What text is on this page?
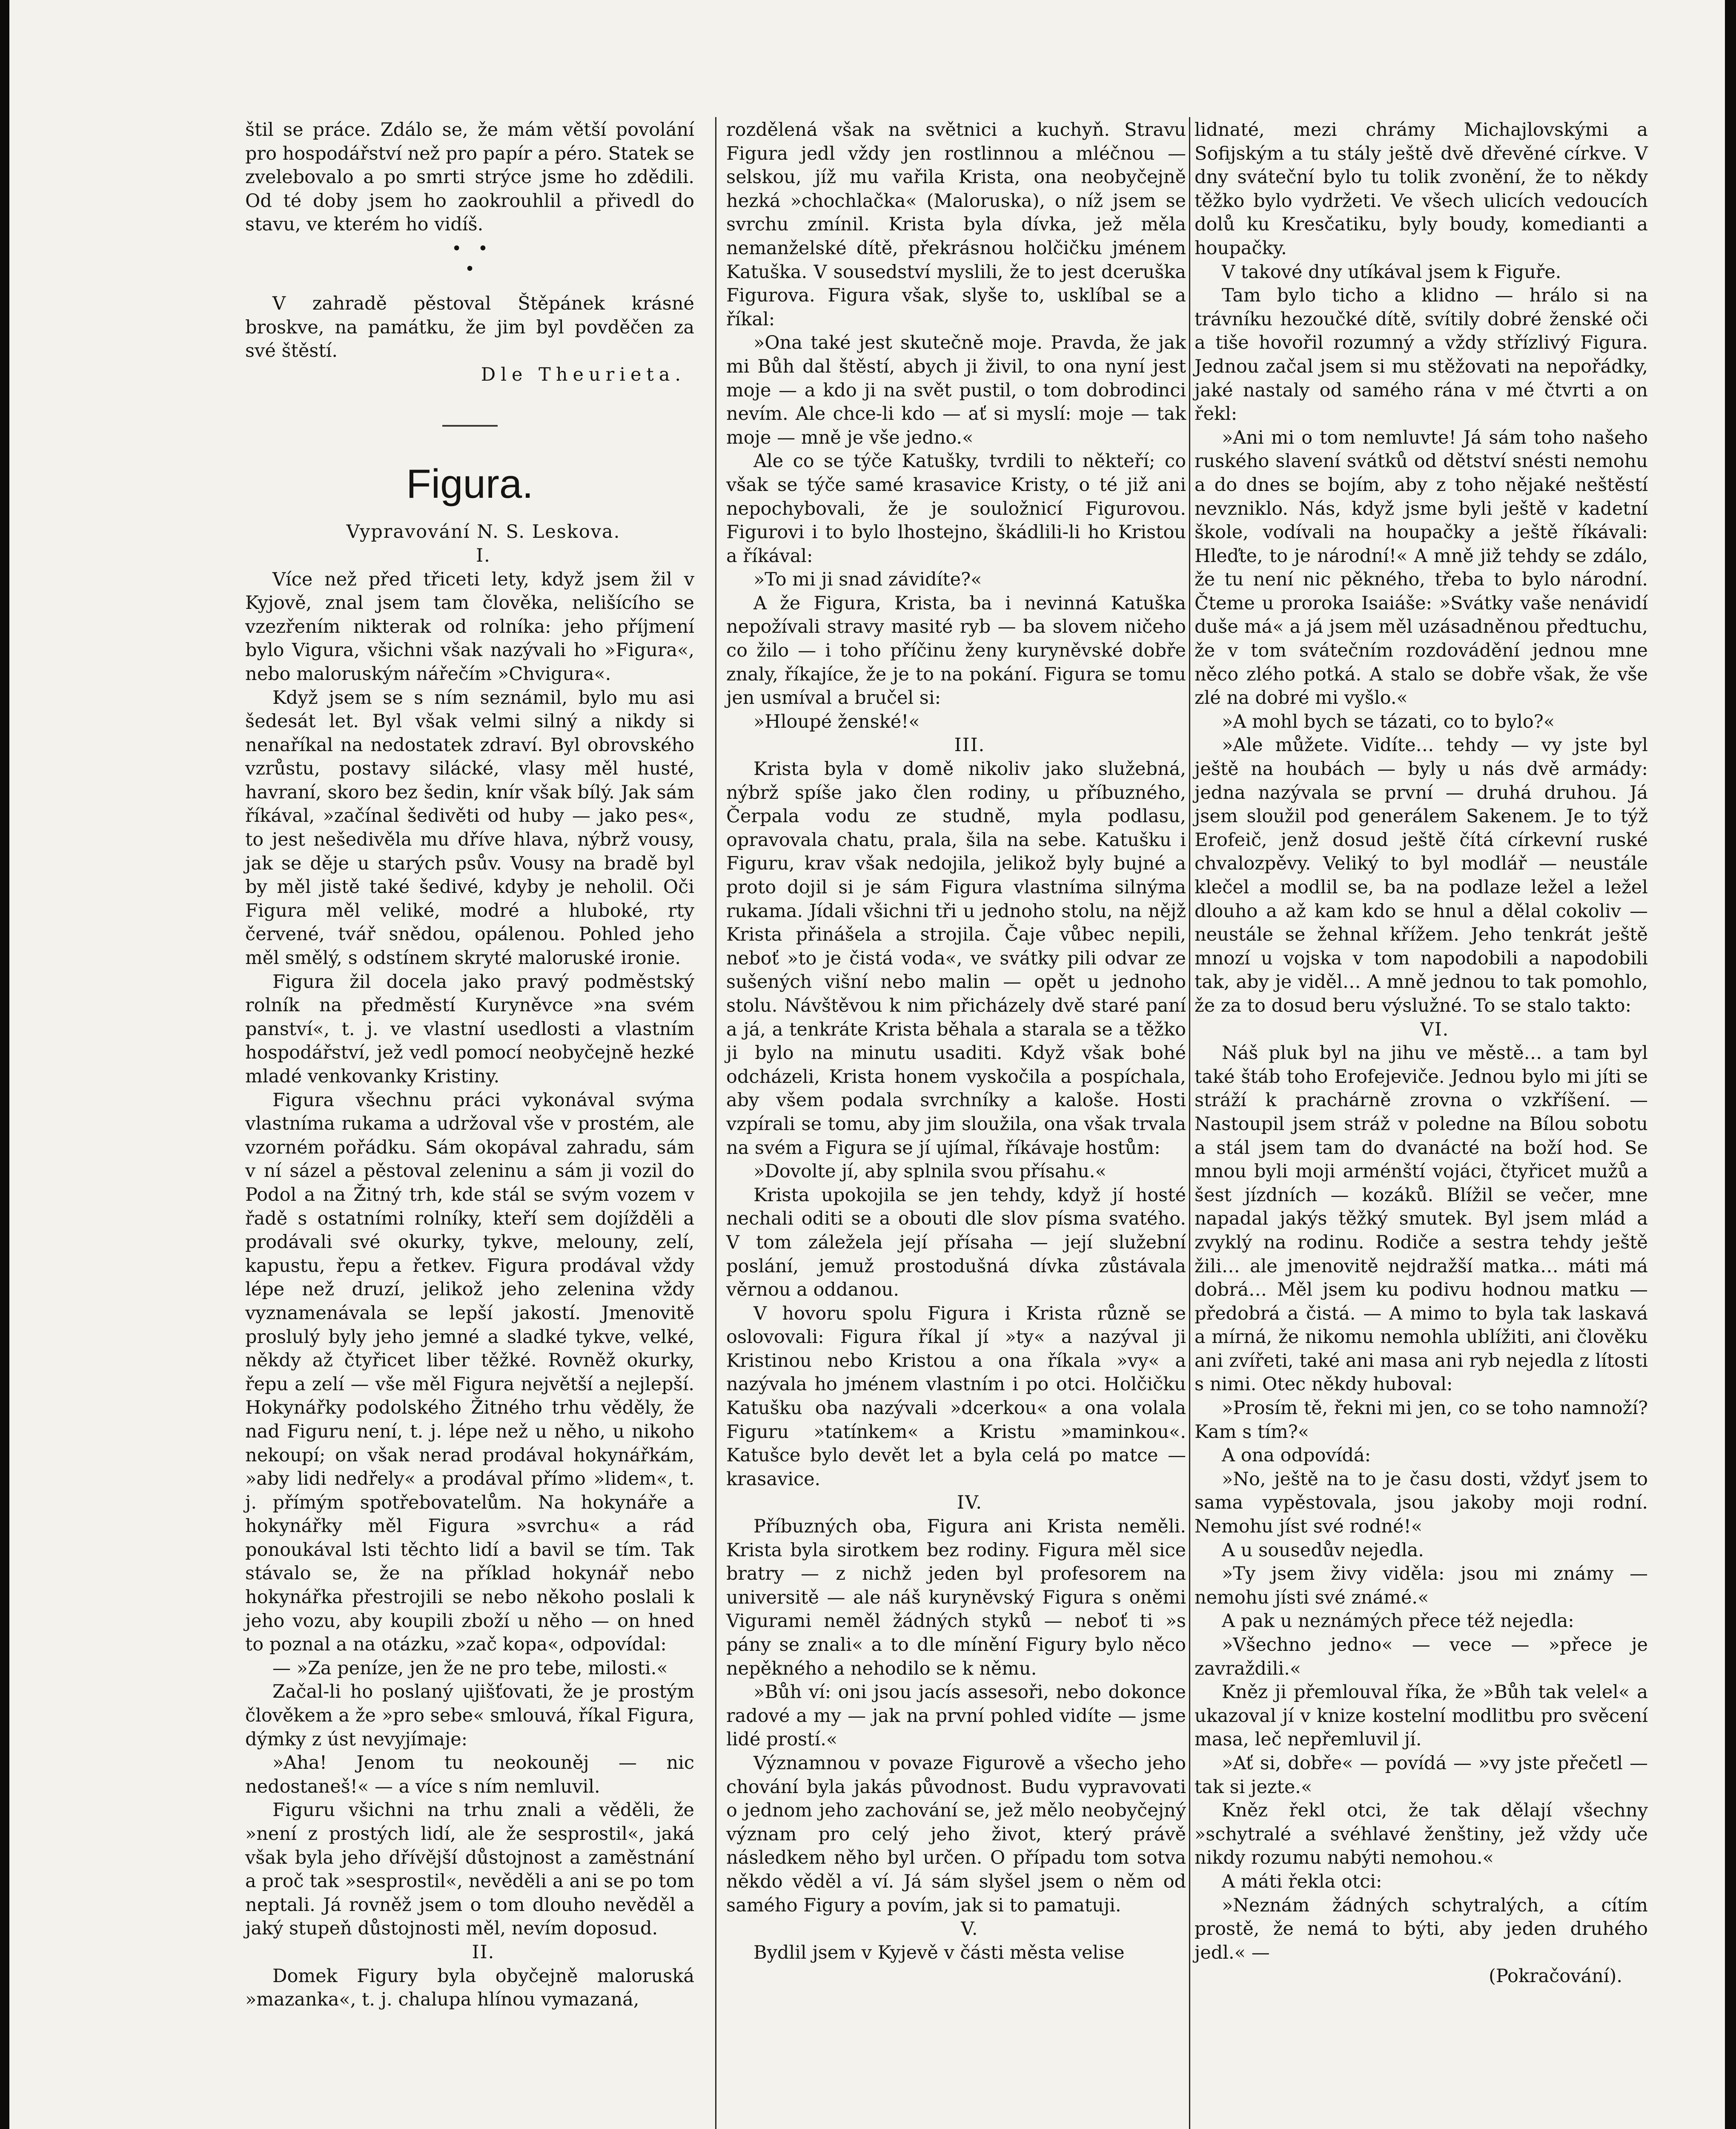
štil se práce. Zdálo se, že mám větší povolání pro hospodářství než pro papír a péro. Statek se zvelebovalo a po smrti strýce jsme ho zdědili. Od té doby jsem ho zaokrouhlil a přivedl do stavu, ve kterém ho vidíš.

•   •
•

V zahradě pěstoval Štěpánek krásné broskve, na památku, že jim byl povděčen za své štěstí.

Dle Theurieta.

Figura.

Vypravování N. S. Leskova.

I.

Více než před třiceti lety, když jsem žil v Kyjově, znal jsem tam člověka, nelišícího se vzezřením nikterak od rolníka: jeho příjmení bylo Vigura, všichni však nazývali ho »Figura«, nebo maloruským nářečím »Chvigura«.

Když jsem se s ním seznámil, bylo mu asi šedesát let. Byl však velmi silný a nikdy si nenaříkal na nedostatek zdraví. Byl obrovského vzrůstu, postavy silácké, vlasy měl husté, havraní, skoro bez šedin, knír však bílý. Jak sám říkával, »začínal šedivěti od huby — jako pes«, to jest nešedivěla mu dříve hlava, nýbrž vousy, jak se děje u starých psův. Vousy na bradě byl by měl jistě také šedivé, kdyby je neholil. Oči Figura měl veliké, modré a hluboké, rty červené, tvář snědou, opálenou. Pohled jeho měl smělý, s odstínem skryté maloruské ironie.

Figura žil docela jako pravý podměstský rolník na předměstí Kuryněvce »na svém panství«, t. j. ve vlastní usedlosti a vlastním hospodářství, jež vedl pomocí neobyčejně hezké mladé venkovanky Kristiny.

Figura všechnu práci vykonával svýma vlastníma rukama a udržoval vše v prostém, ale vzorném pořádku. Sám okopával zahradu, sám v ní sázel a pěstoval zeleninu a sám ji vozil do Podol a na Žitný trh, kde stál se svým vozem v řadě s ostatními rolníky, kteří sem dojížděli a prodávali své okurky, tykve, melouny, zelí, kapustu, řepu a řetkev. Figura prodával vždy lépe než druzí, jelikož jeho zelenina vždy vyznamenávala se lepší jakostí. Jmenovitě proslulý byly jeho jemné a sladké tykve, velké, někdy až čtyřicet liber těžké. Rovněž okurky, řepu a zelí — vše měl Figura největší a nejlepší. Hokynářky podolského Žitného trhu věděly, že nad Figuru není, t. j. lépe než u něho, u nikoho nekoupí; on však nerad prodával hokynářkám, »aby lidi nedřely« a prodával přímo »lidem«, t. j. přímým spotřebovatelům. Na hokynáře a hokynářky měl Figura »svrchu« a rád ponoukával lsti těchto lidí a bavil se tím. Tak stávalo se, že na příklad hokynář nebo hokynářka přestrojili se nebo někoho poslali k jeho vozu, aby koupili zboží u něho — on hned to poznal a na otázku, »zač kopa«, odpovídal:

— »Za peníze, jen že ne pro tebe, milosti.«

Začal-li ho poslaný ujišťovati, že je prostým člověkem a že »pro sebe« smlouvá, říkal Figura, dýmky z úst nevyjímaje:

»Aha! Jenom tu neokouněj — nic nedostaneš!« — a více s ním nemluvil.

Figuru všichni na trhu znali a věděli, že »není z prostých lidí, ale že sesprostil«, jaká však byla jeho dřívější důstojnost a zaměstnání a proč tak »sesprostil«, nevěděli a ani se po tom neptali. Já rovněž jsem o tom dlouho nevěděl a jaký stupeň důstojnosti měl, nevím doposud.

II.

Domek Figury byla obyčejně maloruská »mazanka«, t. j. chalupa hlínou vymazaná,

rozdělená však na světnici a kuchyň. Stravu Figura jedl vždy jen rostlinnou a mléčnou — selskou, jíž mu vařila Krista, ona neobyčejně hezká »chochlačka« (Maloruska), o níž jsem se svrchu zmínil. Krista byla dívka, jež měla nemanželské dítě, překrásnou holčičku jménem Katuška. V sousedství myslili, že to jest dceruška Figurova. Figura však, slyše to, usklíbal se a říkal:

»Ona také jest skutečně moje. Pravda, že jak mi Bůh dal štěstí, abych ji živil, to ona nyní jest moje — a kdo ji na svět pustil, o tom dobrodinci nevím. Ale chce-li kdo — ať si myslí: moje — tak moje — mně je vše jedno.«

Ale co se týče Katušky, tvrdili to někteří; co však se týče samé krasavice Kristy, o té již ani nepochybovali, že je souložnicí Figurovou. Figurovi i to bylo lhostejno, škádlili-li ho Kristou a říkával:

»To mi ji snad závidíte?«

A že Figura, Krista, ba i nevinná Katuška nepožívali stravy masité ryb — ba slovem ničeho co žilo — i toho příčinu ženy kuryněvské dobře znaly, říkajíce, že je to na pokání. Figura se tomu jen usmíval a bručel si:

»Hloupé ženské!«

III.

Krista byla v domě nikoliv jako služebná, nýbrž spíše jako člen rodiny, u příbuzného, Čerpala vodu ze studně, myla podlasu, opravovala chatu, prala, šila na sebe. Katušku i Figuru, krav však nedojila, jelikož byly bujné a proto dojil si je sám Figura vlastníma silnýma rukama. Jídali všichni tři u jednoho stolu, na nějž Krista přinášela a strojila. Čaje vůbec nepili, neboť »to je čistá voda«, ve svátky pili odvar ze sušených višní nebo malin — opět u jednoho stolu. Návštěvou k nim přicházely dvě staré paní a já, a tenkráte Krista běhala a starala se a těžko ji bylo na minutu usaditi. Když však bohé odcházeli, Krista honem vyskočila a pospíchala, aby všem podala svrchníky a kaloše. Hosti vzpírali se tomu, aby jim sloužila, ona však trvala na svém a Figura se jí ujímal, říkávaje hostům:

»Dovolte jí, aby splnila svou přísahu.«

Krista upokojila se jen tehdy, když jí hosté nechali oditi se a obouti dle slov písma svatého. V tom záležela její přísaha — její služební poslání, jemuž prostodušná dívka zůstávala věrnou a oddanou.

V hovoru spolu Figura i Krista různě se oslovovali: Figura říkal jí »ty« a nazýval ji Kristinou nebo Kristou a ona říkala »vy« a nazývala ho jménem vlastním i po otci. Holčičku Katušku oba nazývali »dcerkou« a ona volala Figuru »tatínkem« a Kristu »maminkou«. Katušce bylo devět let a byla celá po matce — krasavice.

IV.

Příbuzných oba, Figura ani Krista neměli. Krista byla sirotkem bez rodiny. Figura měl sice bratry — z nichž jeden byl profesorem na universitě — ale náš kuryněvský Figura s oněmi Vigurami neměl žádných styků — neboť ti »s pány se znali« a to dle mínění Figury bylo něco nepěkného a nehodilo se k němu.

»Bůh ví: oni jsou jacís assesoři, nebo dokonce radové a my — jak na první pohled vidíte — jsme lidé prostí.«

Významnou v povaze Figurově a všecho jeho chování byla jakás původnost. Budu vypravovati o jednom jeho zachování se, jež mělo neobyčejný význam pro celý jeho život, který právě následkem něho byl určen. O případu tom sotva někdo věděl a ví. Já sám slyšel jsem o něm od samého Figury a povím, jak si to pamatuji.

V.

Bydlil jsem v Kyjevě v části města velise

lidnaté, mezi chrámy Michajlovskými a Sofijským a tu stály ještě dvě dřevěné církve. V dny sváteční bylo tu tolik zvonění, že to někdy těžko bylo vydržeti. Ve všech ulicích vedoucích dolů ku Kresčatiku, byly boudy, komedianti a houpačky.

V takové dny utíkával jsem k Figuře.

Tam bylo ticho a klidno — hrálo si na trávníku hezoučké dítě, svítily dobré ženské oči a tiše hovořil rozumný a vždy střízlivý Figura. Jednou začal jsem si mu stěžovati na nepořádky, jaké nastaly od samého rána v mé čtvrti a on řekl:

»Ani mi o tom nemluvte! Já sám toho našeho ruského slavení svátků od dětství snésti nemohu a do dnes se bojím, aby z toho nějaké neštěstí nevzniklo. Nás, když jsme byli ještě v kadetní škole, vodívali na houpačky a ještě říkávali: Hleďte, to je národní!« A mně již tehdy se zdálo, že tu není nic pěkného, třeba to bylo národní. Čteme u proroka Isaiáše: »Svátky vaše nenávidí duše má« a já jsem měl uzásadněnou předtuchu, že v tom svátečním rozdovádění jednou mne něco zlého potká. A stalo se dobře však, že vše zlé na dobré mi vyšlo.«

»A mohl bych se tázati, co to bylo?«

»Ale můžete. Vidíte… tehdy — vy jste byl ještě na houbách — byly u nás dvě armády: jedna nazývala se první — druhá druhou. Já jsem sloužil pod generálem Sakenem. Je to týž Erofeič, jenž dosud ještě čítá církevní ruské chvalozpěvy. Veliký to byl modlář — neustále klečel a modlil se, ba na podlaze ležel a ležel dlouho a až kam kdo se hnul a dělal cokoliv — neustále se žehnal křížem. Jeho tenkrát ještě mnozí u vojska v tom napodobili a napodobili tak, aby je viděl… A mně jednou to tak pomohlo, že za to dosud beru výslužné. To se stalo takto:

VI.

Náš pluk byl na jihu ve městě… a tam byl také štáb toho Erofejeviče. Jednou bylo mi jíti se stráží k prachárně zrovna o vzkříšení. — Nastoupil jsem stráž v poledne na Bílou sobotu a stál jsem tam do dvanácté na boží hod. Se mnou byli moji arménští vojáci, čtyřicet mužů a šest jízdních — kozáků. Blížil se večer, mne napadal jakýs těžký smutek. Byl jsem mlád a zvyklý na rodinu. Rodiče a sestra tehdy ještě žili… ale jmenovitě nejdražší matka… máti má dobrá… Měl jsem ku podivu hodnou matku — předobrá a čistá. — A mimo to byla tak laskavá a mírná, že nikomu nemohla ublížiti, ani člověku ani zvířeti, také ani masa ani ryb nejedla z lítosti s nimi. Otec někdy huboval:

»Prosím tě, řekni mi jen, co se toho namnoží? Kam s tím?«

A ona odpovídá:

»No, ještě na to je času dosti, vždyť jsem to sama vypěstovala, jsou jakoby moji rodní. Nemohu jíst své rodné!«

A u sousedův nejedla.

»Ty jsem živy viděla: jsou mi známy — nemohu jísti své známé.«

A pak u neznámých přece též nejedla:

»Všechno jedno« — vece — »přece je zavraždili.«

Kněz ji přemlouval říka, že »Bůh tak velel« a ukazoval jí v knize kostelní modlitbu pro svěcení masa, leč nepřemluvil jí.

»Ať si, dobře« — povídá — »vy jste přečetl — tak si jezte.«

Kněz řekl otci, že tak dělají všechny »schytralé a svéhlavé ženštiny, jež vždy uče nikdy rozumu nabýti nemohou.«

A máti řekla otci:

»Neznám žádných schytralých, a cítím prostě, že nemá to býti, aby jeden druhého jedl.« —

(Pokračování).
